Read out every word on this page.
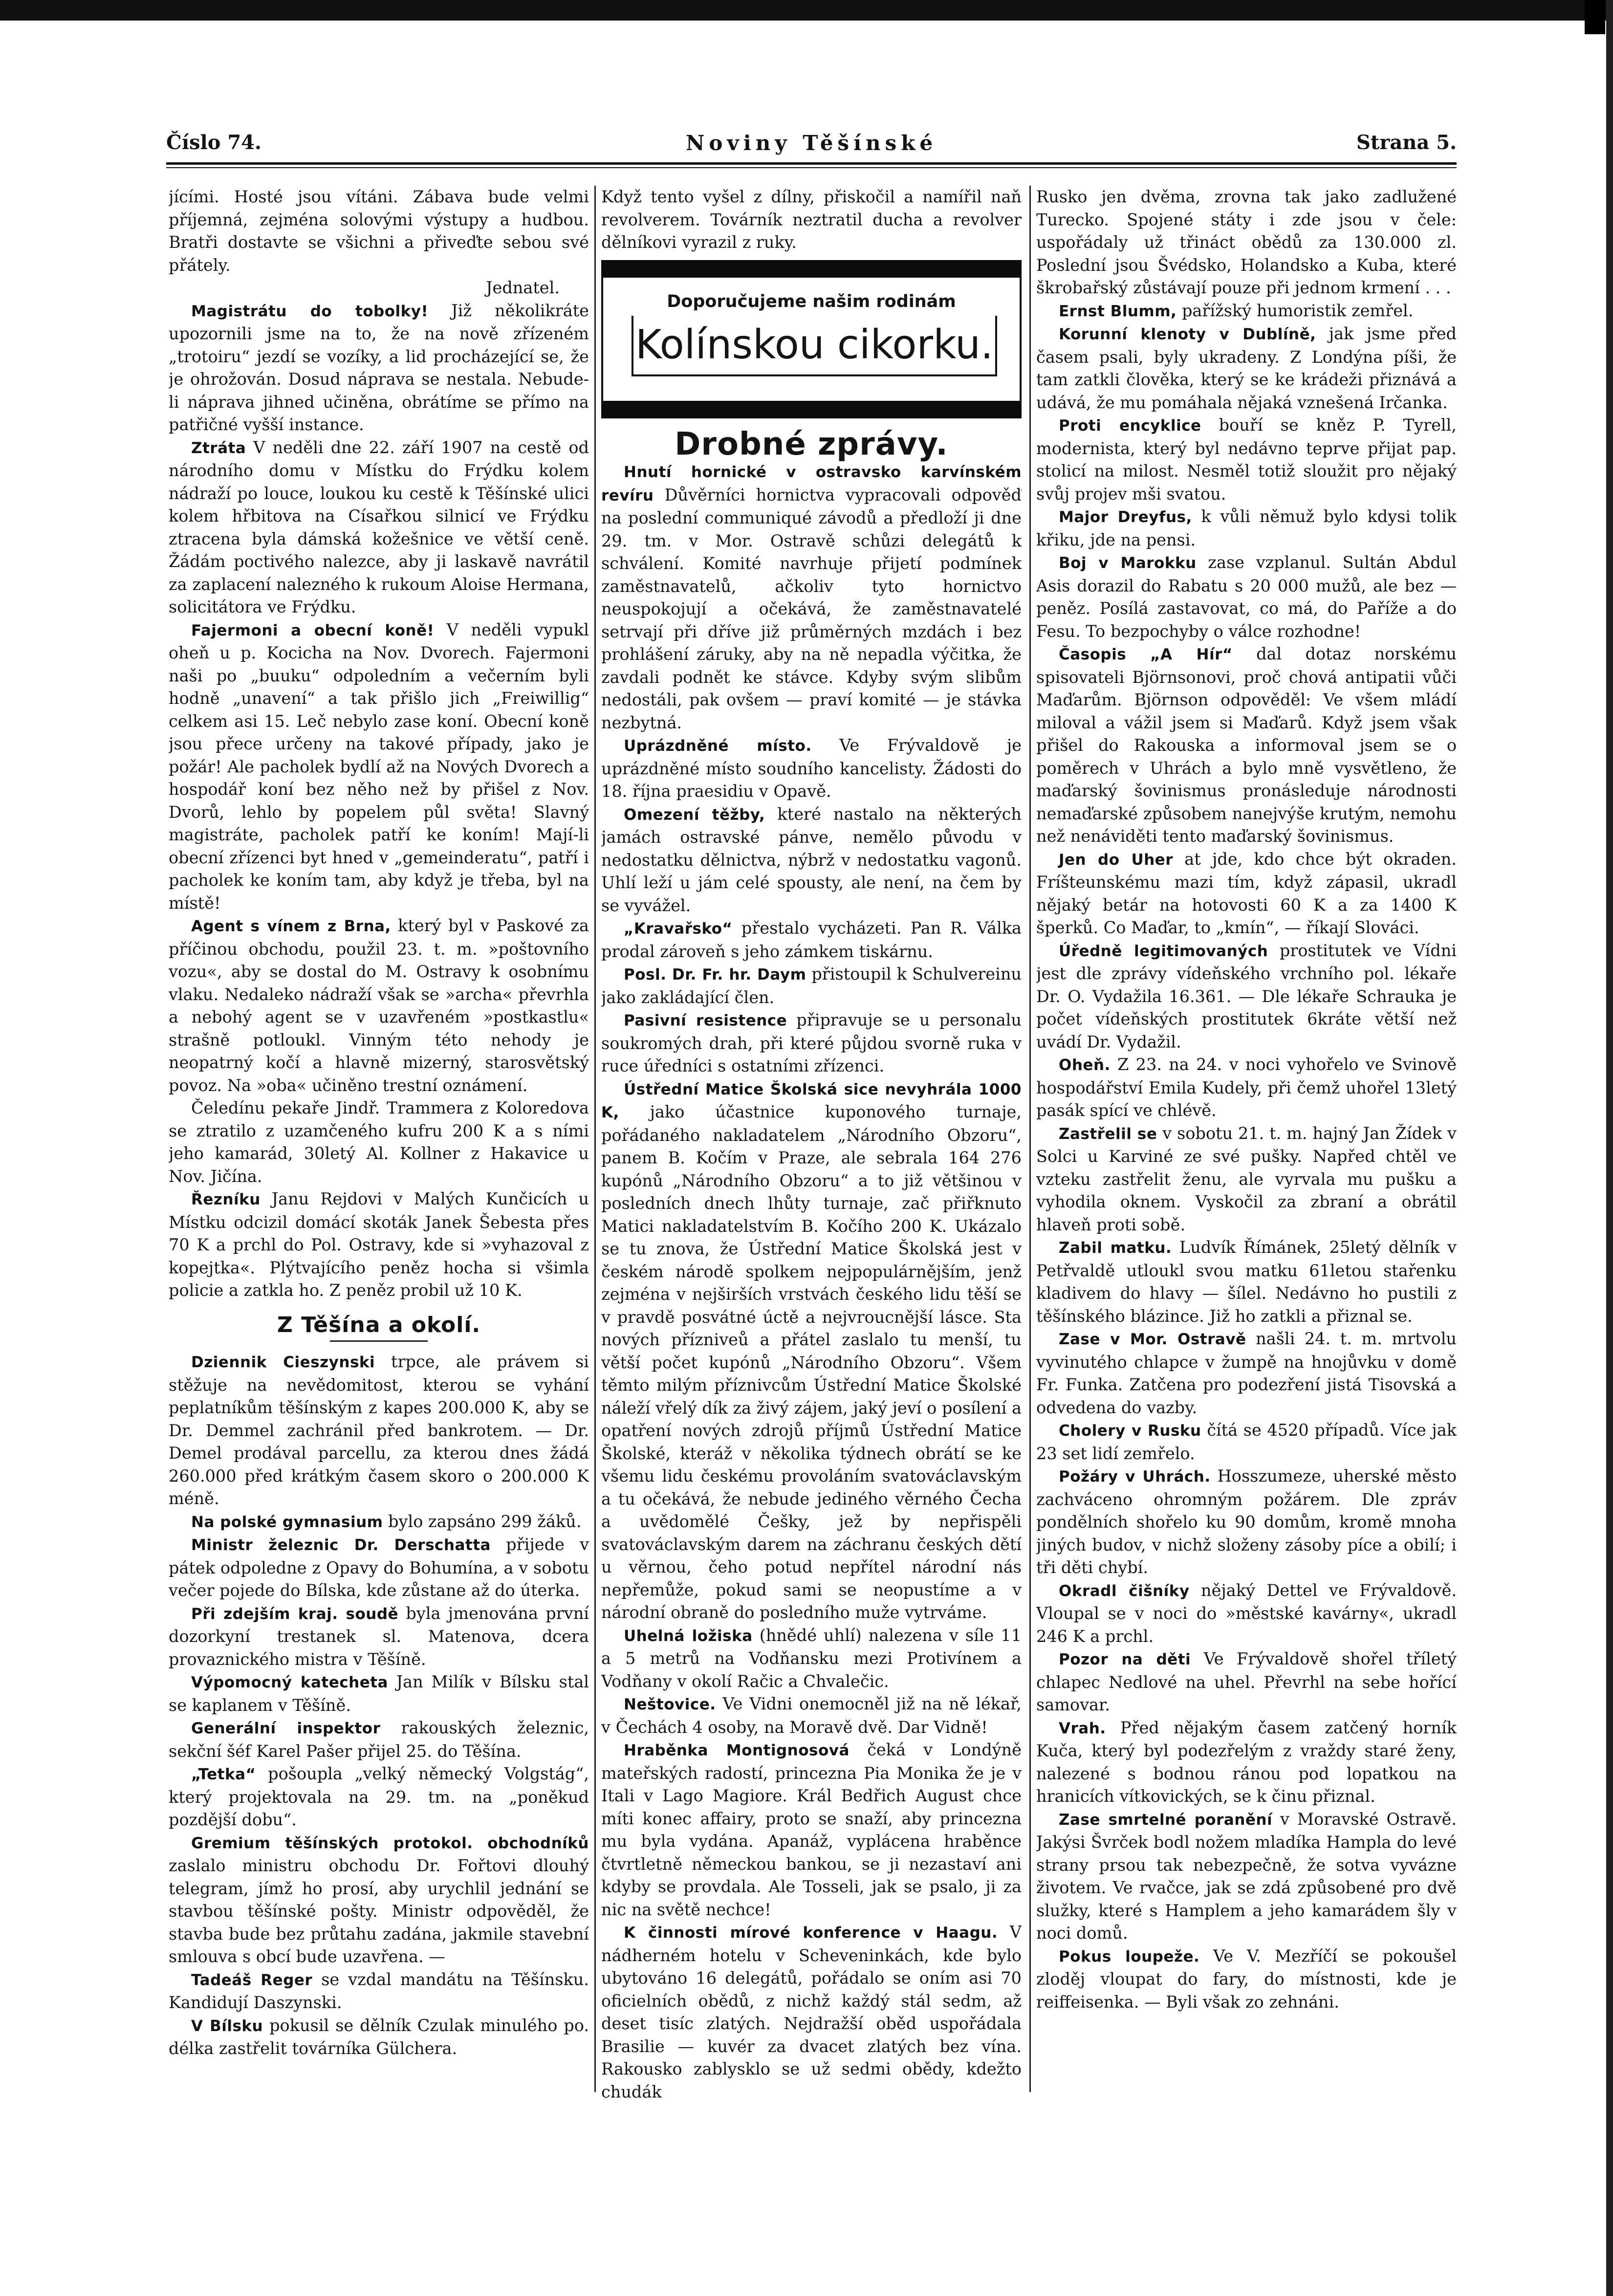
Číslo 74.	Noviny Těšínské	Strana 5.

jícími. Hosté jsou vítáni. Zábava bude velmi příjemná, zejména solovými výstupy a hudbou. Bratři dostavte se všichni a přiveďte sebou své přátely.

Jednatel.

Magistrátu do tobolky! Již několikráte upozornili jsme na to, že na nově zřízeném „trotoiru“ jezdí se vozíky, a lid procházející se, že je ohrožován. Dosud náprava se nestala. Nebude-li náprava jihned učiněna, obrátíme se přímo na patřičné vyšší instance.

Ztráta V neděli dne 22. září 1907 na cestě od národního domu v Místku do Frýdku kolem nádraží po louce, loukou ku cestě k Těšínské ulici kolem hřbitova na Císařkou silnicí ve Frýdku ztracena byla dámská kožešnice ve větší ceně. Žádám poctivého nalezce, aby ji laskavě navrátil za zaplacení nalezného k rukoum Aloise Hermana, solicitátora ve Frýdku.

Fajermoni a obecní koně! V neděli vypukl oheň u p. Kocicha na Nov. Dvorech. Fajermoni naši po „buuku“ odpoledním a večerním byli hodně „unavení“ a tak přišlo jich „Freiwillig“ celkem asi 15. Leč nebylo zase koní. Obecní koně jsou přece určeny na takové případy, jako je požár! Ale pacholek bydlí až na Nových Dvorech a hospodář koní bez něho než by přišel z Nov. Dvorů, lehlo by popelem půl světa! Slavný magistráte, pacholek patří ke koním! Mají-li obecní zřízenci byt hned v „gemeinderatu“, patří i pacholek ke koním tam, aby když je třeba, byl na místě!

Agent s vínem z Brna, který byl v Paskové za příčinou obchodu, použil 23. t. m. »poštovního vozu«, aby se dostal do M. Ostravy k osobnímu vlaku. Nedaleko nádraží však se »archa« převrhla a nebohý agent se v uzavřeném »postkastlu« strašně potloukl. Vinným této nehody je neopatrný kočí a hlavně mizerný, starosvětský povoz. Na »oba« učiněno trestní oznámení.

Čeledínu pekaře Jindř. Trammera z Koloredova se ztratilo z uzamčeného kufru 200 K a s ními jeho kamarád, 30letý Al. Kollner z Hakavice u Nov. Jičína.

Řezníku Janu Rejdovi v Malých Kunčicích u Místku odcizil domácí skoták Janek Šebesta přes 70 K a prchl do Pol. Ostravy, kde si »vyhazoval z kopejtka«. Plýtvajícího peněz hocha si všimla policie a zatkla ho. Z peněz probil už 10 K.

Z Těšína a okolí.

Dziennik Cieszynski trpce, ale právem si stěžuje na nevědomitost, kterou se vyhání peplatníkům těšínským z kapes 200.000 K, aby se Dr. Demmel zachránil před bankrotem. — Dr. Demel prodával parcellu, za kterou dnes žádá 260.000 před krátkým časem skoro o 200.000 K méně.

Na polské gymnasium bylo zapsáno 299 žáků.

Ministr železnic Dr. Derschatta přijede v pátek odpoledne z Opavy do Bohumína, a v sobotu večer pojede do Bílska, kde zůstane až do úterka.

Při zdejším kraj. soudě byla jmenována první dozorkyní trestanek sl. Matenova, dcera provaznického mistra v Těšíně.

Výpomocný katecheta Jan Milík v Bílsku stal se kaplanem v Těšíně.

Generální inspektor rakouských železnic, sekční šéf Karel Pašer přijel 25. do Těšína.

„Tetka“ pošoupla „velký německý Volgstág“, který projektovala na 29. tm. na „poněkud pozdější dobu“.

Gremium těšínských protokol. obchodníků zaslalo ministru obchodu Dr. Fořtovi dlouhý telegram, jímž ho prosí, aby urychlil jednání se stavbou těšínské pošty. Ministr odpověděl, že stavba bude bez průtahu zadána, jakmile stavební smlouva s obcí bude uzavřena. —

Tadeáš Reger se vzdal mandátu na Těšínsku. Kandidují Daszynski.

V Bílsku pokusil se dělník Czulak minulého po. délka zastřelit továrníka Gülchera.

Když tento vyšel z dílny, přiskočil a namířil naň revolverem. Továrník neztratil ducha a revolver dělníkovi vyrazil z ruky.

Doporučujeme našim rodinám
Kolínskou cikorku.
Drobné zprávy.

Hnutí hornické v ostravsko karvínském revíru Důvěrníci hornictva vypracovali odpověď na poslední communiqué závodů a předloží ji dne 29. tm. v Mor. Ostravě schůzi delegátů k schválení. Komité navrhuje přijetí podmínek zaměstnavatelů, ačkoliv tyto hornictvo neuspokojují a očekává, že zaměstnavatelé setrvají při dříve již průměrných mzdách i bez prohlášení záruky, aby na ně nepadla výčitka, že zavdali podnět ke stávce. Kdyby svým slibům nedostáli, pak ovšem — praví komité — je stávka nezbytná.

Uprázdněné místo. Ve Frývaldově je uprázdněné místo soudního kancelisty. Žádosti do 18. října praesidiu v Opavě.

Omezení těžby, které nastalo na některých jamách ostravské pánve, nemělo původu v nedostatku dělnictva, nýbrž v nedostatku vagonů. Uhlí leží u jám celé spousty, ale není, na čem by se vyvážel.

„Kravařsko“ přestalo vycházeti. Pan R. Válka prodal zároveň s jeho zámkem tiskárnu.

Posl. Dr. Fr. hr. Daym přistoupil k Schulvereinu jako zakládající člen.

Pasivní resistence připravuje se u personalu soukromých drah, při které půjdou svorně ruka v ruce úředníci s ostatními zřízenci.

Ústřední Matice Školská sice nevyhrála 1000 K, jako účastnice kuponového turnaje, pořádaného nakladatelem „Národního Obzoru“, panem B. Kočím v Praze, ale sebrala 164 276 kupónů „Národního Obzoru“ a to již většinou v posledních dnech lhůty turnaje, zač přiřknuto Matici nakladatelstvím B. Kočího 200 K. Ukázalo se tu znova, že Ústřední Matice Školská jest v českém národě spolkem nejpopulárnějším, jenž zejména v nejširších vrstvách českého lidu těší se v pravdě posvátné úctě a nejvroucnější lásce. Sta nových přízniveů a přátel zaslalo tu menší, tu větší počet kupónů „Národního Obzoru“. Všem těmto milým příznivcům Ústřední Matice Školské náleží vřelý dík za živý zájem, jaký jeví o posílení a opatření nových zdrojů příjmů Ústřední Matice Školské, kteráž v několika týdnech obrátí se ke všemu lidu českému provoláním svatováclavským a tu očekává, že nebude jediného věrného Čecha a uvědomělé Češky, jež by nepřispěli svatováclavským darem na záchranu českých dětí u věrnou, čeho potud nepřítel národní nás nepřemůže, pokud sami se neopustíme a v národní obraně do posledního muže vytrváme.

Uhelná ložiska (hnědé uhlí) nalezena v síle 11 a 5 metrů na Vodňansku mezi Protivínem a Vodňany v okolí Račic a Chvalečic.

Neštovice. Ve Vidni onemocněl již na ně lékař, v Čechách 4 osoby, na Moravě dvě. Dar Vidně!

Hraběnka Montignosová čeká v Londýně mateřských radostí, princezna Pia Monika že je v Itali v Lago Magiore. Král Bedřich August chce míti konec affairy, proto se snaží, aby princezna mu byla vydána. Apanáž, vyplácena hraběnce čtvrtletně německou bankou, se ji nezastaví ani kdyby se provdala. Ale Tosseli, jak se psalo, ji za nic na světě nechce!

K činnosti mírové konference v Haagu. V nádherném hotelu v Scheveninkách, kde bylo ubytováno 16 delegátů, pořádalo se oním asi 70 oficielních obědů, z nichž každý stál sedm, až deset tisíc zlatých. Nejdražší oběd uspořádala Brasilie — kuvér za dvacet zlatých bez vína. Rakousko zablysklo se už sedmi obědy, kdežto chudák

Rusko jen dvěma, zrovna tak jako zadlužené Turecko. Spojené státy i zde jsou v čele: uspořádaly už třináct obědů za 130.000 zl. Poslední jsou Švédsko, Holandsko a Kuba, které škrobařský zůstávají pouze při jednom krmení . . .

Ernst Blumm, pařížský humoristik zemřel.

Korunní klenoty v Dublíně, jak jsme před časem psali, byly ukradeny. Z Londýna píši, že tam zatkli člověka, který se ke krádeži přiznává a udává, že mu pomáhala nějaká vznešená Irčanka.

Proti encyklice bouří se kněz P. Tyrell, modernista, který byl nedávno teprve přijat pap. stolicí na milost. Nesměl totiž sloužit pro nějaký svůj projev mši svatou.

Major Dreyfus, k vůli němuž bylo kdysi tolik křiku, jde na pensi.

Boj v Marokku zase vzplanul. Sultán Abdul Asis dorazil do Rabatu s 20 000 mužů, ale bez — peněz. Posílá zastavovat, co má, do Paříže a do Fesu. To bezpochyby o válce rozhodne!

Časopis „A Hír“ dal dotaz norskému spisovateli Björnsonovi, proč chová antipatii vůči Maďarům. Björnson odpověděl: Ve všem mládí miloval a vážil jsem si Maďarů. Když jsem však přišel do Rakouska a informoval jsem se o poměrech v Uhrách a bylo mně vysvětleno, že maďarský šovinismus pronásleduje národnosti nemaďarské způsobem nanejvýše krutým, nemohu než nenáviděti tento maďarský šovinismus.

Jen do Uher at jde, kdo chce být okraden. Fríšteunskému mazi tím, když zápasil, ukradl nějaký betár na hotovosti 60 K a za 1400 K šperků. Co Maďar, to „kmín“, — říkají Slováci.

Úředně legitimovaných prostitutek ve Vídni jest dle zprávy vídeňského vrchního pol. lékaře Dr. O. Vydažila 16.361. — Dle lékaře Schrauka je počet vídeňských prostitutek 6kráte větší než uvádí Dr. Vydažil.

Oheň. Z 23. na 24. v noci vyhořelo ve Svinově hospodářství Emila Kudely, při čemž uhořel 13letý pasák spící ve chlévě.

Zastřelil se v sobotu 21. t. m. hajný Jan Žídek v Solci u Karviné ze své pušky. Napřed chtěl ve vzteku zastřelit ženu, ale vyrvala mu pušku a vyhodila oknem. Vyskočil za zbraní a obrátil hlaveň proti sobě.

Zabil matku. Ludvík Římánek, 25letý dělník v Petřvaldě utloukl svou matku 61letou stařenku kladivem do hlavy — šílel. Nedávno ho pustili z těšínského blázince. Již ho zatkli a přiznal se.

Zase v Mor. Ostravě našli 24. t. m. mrtvolu vyvinutého chlapce v žumpě na hnojůvku v domě Fr. Funka. Zatčena pro podezření jistá Tisovská a odvedena do vazby.

Cholery v Rusku čítá se 4520 případů. Více jak 23 set lidí zemřelo.

Požáry v Uhrách. Hosszumeze, uherské město zachváceno ohromným požárem. Dle zpráv pondělních shořelo ku 90 domům, kromě mnoha jiných budov, v nichž složeny zásoby píce a obilí; i tři děti chybí.

Okradl čišníky nějaký Dettel ve Frývaldově. Vloupal se v noci do »městské kavárny«, ukradl 246 K a prchl.

Pozor na děti Ve Frývaldově shořel tříletý chlapec Nedlové na uhel. Převrhl na sebe hořící samovar.

Vrah. Před nějakým časem zatčený horník Kuča, který byl podezřelým z vraždy staré ženy, nalezené s bodnou ránou pod lopatkou na hranicích vítkovických, se k činu přiznal.

Zase smrtelné poranění v Moravské Ostravě. Jakýsi Švrček bodl nožem mladíka Hampla do levé strany prsou tak nebezpečně, že sotva vyváznе životem. Ve rvačce, jak se zdá způsobené pro dvě služky, které s Hamplem a jeho kamarádem šly v noci domů.

Pokus loupeže. Ve V. Mezříčí se pokoušel zloděj vloupat do fary, do místnosti, kde je reiffeisenka. — Byli však zo zehnáni.
